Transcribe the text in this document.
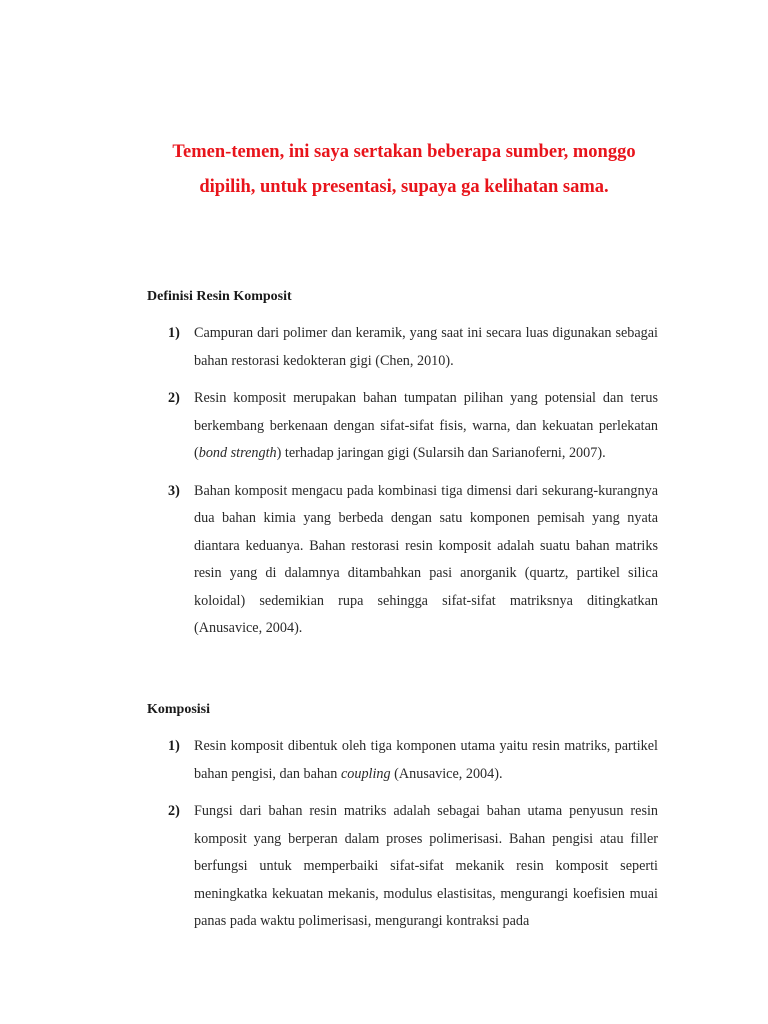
Temen-temen, ini saya sertakan beberapa sumber, monggo dipilih, untuk presentasi, supaya ga kelihatan sama.
Definisi Resin Komposit
1) Campuran dari polimer dan keramik, yang saat ini secara luas digunakan sebagai bahan restorasi kedokteran gigi (Chen, 2010).
2) Resin komposit merupakan bahan tumpatan pilihan yang potensial dan terus berkembang berkenaan dengan sifat-sifat fisis, warna, dan kekuatan perlekatan (bond strength) terhadap jaringan gigi (Sularsih dan Sarianoferni, 2007).
3) Bahan komposit mengacu pada kombinasi tiga dimensi dari sekurang-kurangnya dua bahan kimia yang berbeda dengan satu komponen pemisah yang nyata diantara keduanya. Bahan restorasi resin komposit adalah suatu bahan matriks resin yang di dalamnya ditambahkan pasi anorganik (quartz, partikel silica koloidal) sedemikian rupa sehingga sifat-sifat matriksnya ditingkatkan (Anusavice, 2004).
Komposisi
1) Resin komposit dibentuk oleh tiga komponen utama yaitu resin matriks, partikel bahan pengisi, dan bahan coupling (Anusavice, 2004).
2) Fungsi dari bahan resin matriks adalah sebagai bahan utama penyusun resin komposit yang berperan dalam proses polimerisasi. Bahan pengisi atau filler berfungsi untuk memperbaiki sifat-sifat mekanik resin komposit seperti meningkatka kekuatan mekanis, modulus elastisitas, mengurangi koefisien muai panas pada waktu polimerisasi, mengurangi kontraksi pada
